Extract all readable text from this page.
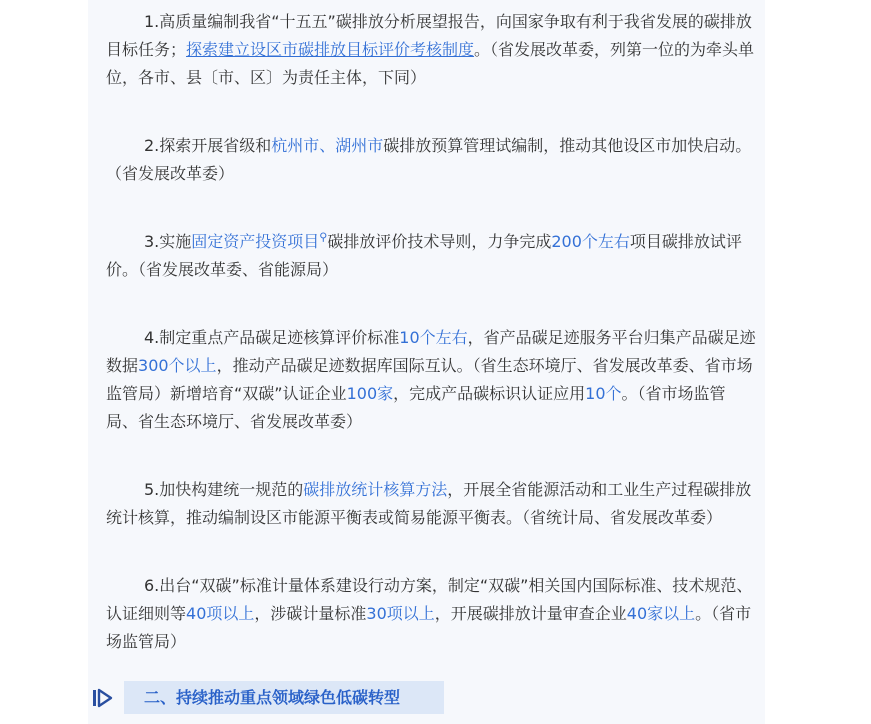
1.高质量编制我省“十五五”碳排放分析展望报告，向国家争取有利于我省发展的碳排放目标任务；探索建立设区市碳排放目标评价考核制度。（省发展改革委，列第一位的为牵头单位，各市、县〔市、区〕为责任主体，下同）

2.探索开展省级和杭州市、湖州市碳排放预算管理试编制，推动其他设区市加快启动。（省发展改革委）

3.实施固定资产投资项目⚲碳排放评价技术导则，力争完成200个左右项目碳排放试评价。（省发展改革委、省能源局）

4.制定重点产品碳足迹核算评价标准10个左右，省产品碳足迹服务平台归集产品碳足迹数据300个以上，推动产品碳足迹数据库国际互认。（省生态环境厅、省发展改革委、省市场监管局）新增培育“双碳”认证企业100家，完成产品碳标识认证应用10个。（省市场监管局、省生态环境厅、省发展改革委）

5.加快构建统一规范的碳排放统计核算方法，开展全省能源活动和工业生产过程碳排放统计核算，推动编制设区市能源平衡表或简易能源平衡表。（省统计局、省发展改革委）

6.出台“双碳”标准计量体系建设行动方案，制定“双碳”相关国内国际标准、技术规范、认证细则等40项以上，涉碳计量标准30项以上，开展碳排放计量审查企业40家以上。（省市场监管局）

二、持续推动重点领域绿色低碳转型
